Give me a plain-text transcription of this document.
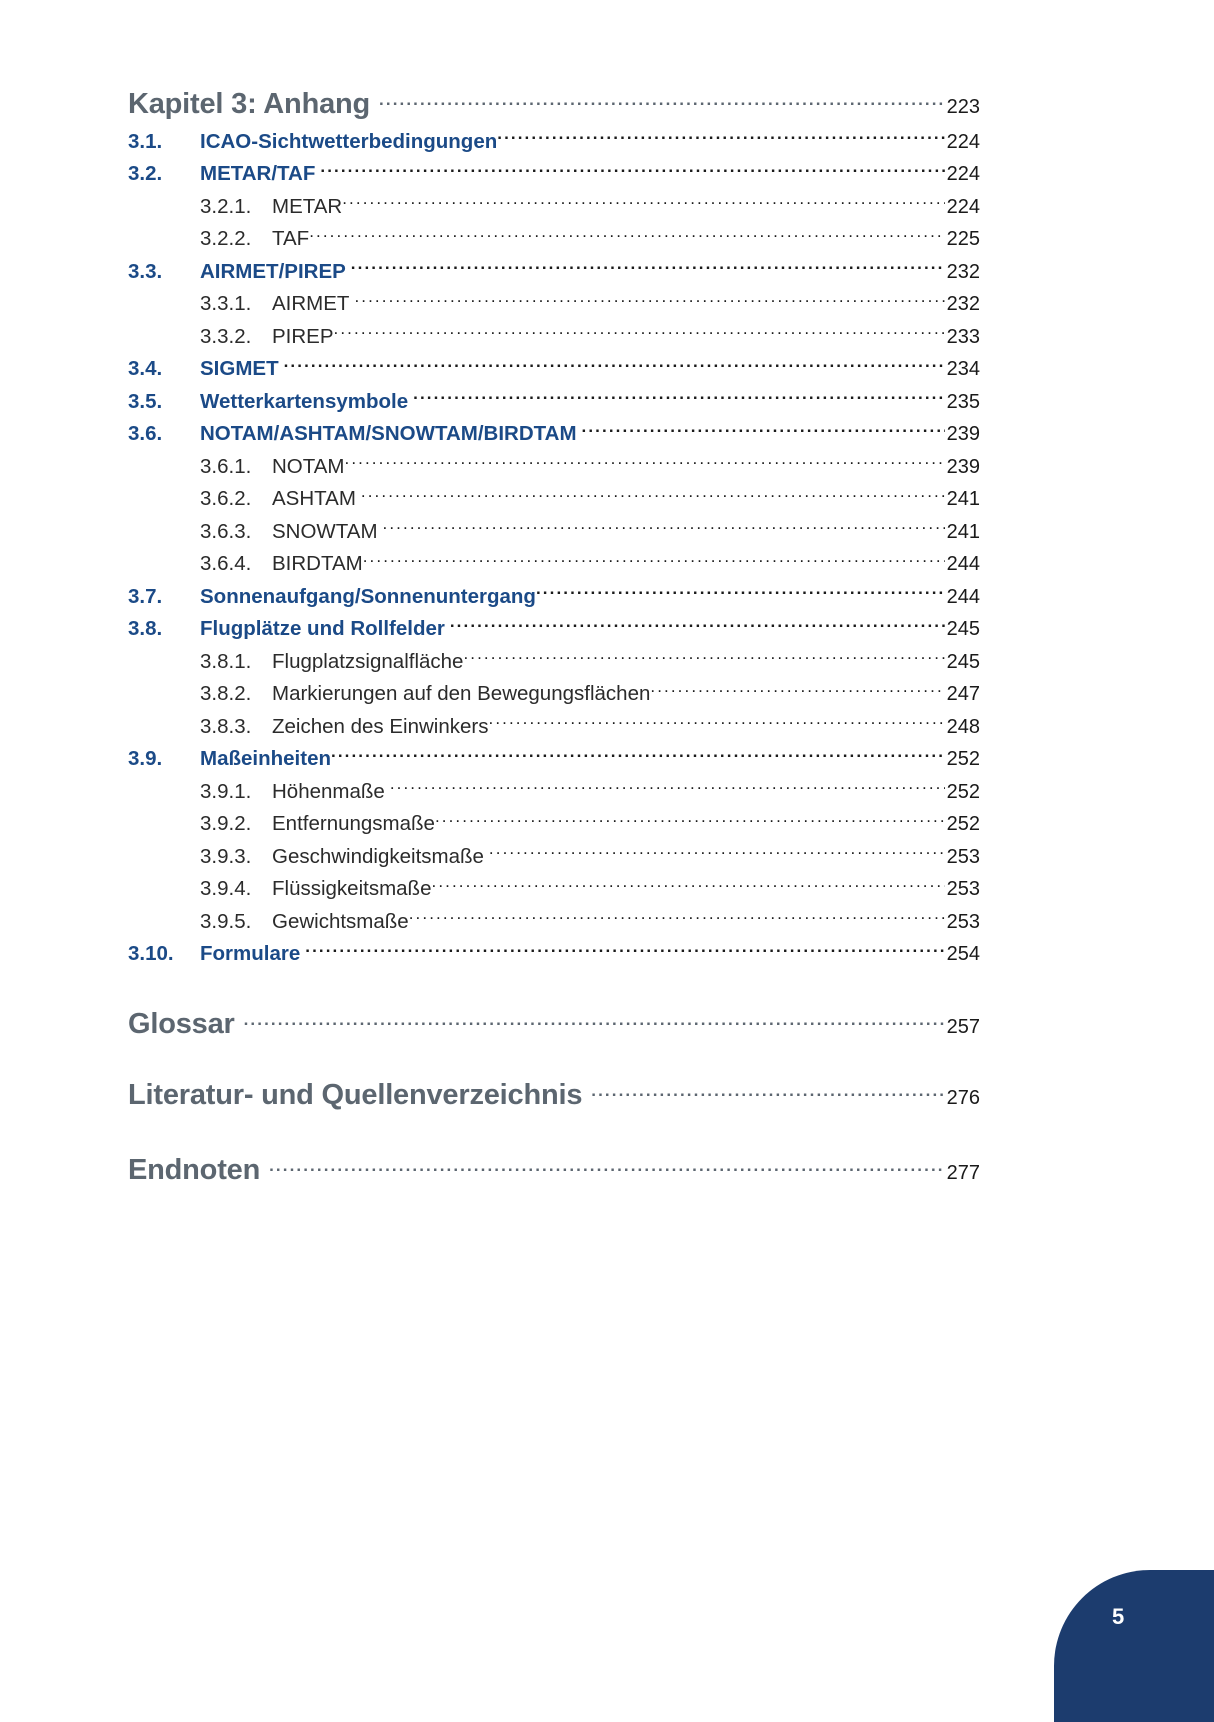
Kapitel 3: Anhang .....	223
3.1.	ICAO-Sichtwetterbedingungen .....	224
3.2.	METAR/TAF .....	224
3.2.1.	METAR .....	224
3.2.2.	TAF .....	225
3.3.	AIRMET/PIREP .....	232
3.3.1.	AIRMET .....	232
3.3.2.	PIREP .....	233
3.4.	SIGMET .....	234
3.5.	Wetterkartensymbole .....	235
3.6.	NOTAM/ASHTAM/SNOWTAM/BIRDTAM .....	239
3.6.1.	NOTAM .....	239
3.6.2.	ASHTAM .....	241
3.6.3.	SNOWTAM .....	241
3.6.4.	BIRDTAM .....	244
3.7.	Sonnenaufgang/Sonnenuntergang .....	244
3.8.	Flugplätze und Rollfelder .....	245
3.8.1.	Flugplatzsignalfläche .....	245
3.8.2.	Markierungen auf den Bewegungsflächen .....	247
3.8.3.	Zeichen des Einwinkers .....	248
3.9.	Maßeinheiten .....	252
3.9.1.	Höhenmaße .....	252
3.9.2.	Entfernungsmaße .....	252
3.9.3.	Geschwindigkeitsmaße .....	253
3.9.4.	Flüssigkeitsmaße .....	253
3.9.5.	Gewichtsmaße .....	253
3.10.	Formulare .....	254
Glossar .....	257
Literatur- und Quellenverzeichnis .....	276
Endnoten .....	277
5
